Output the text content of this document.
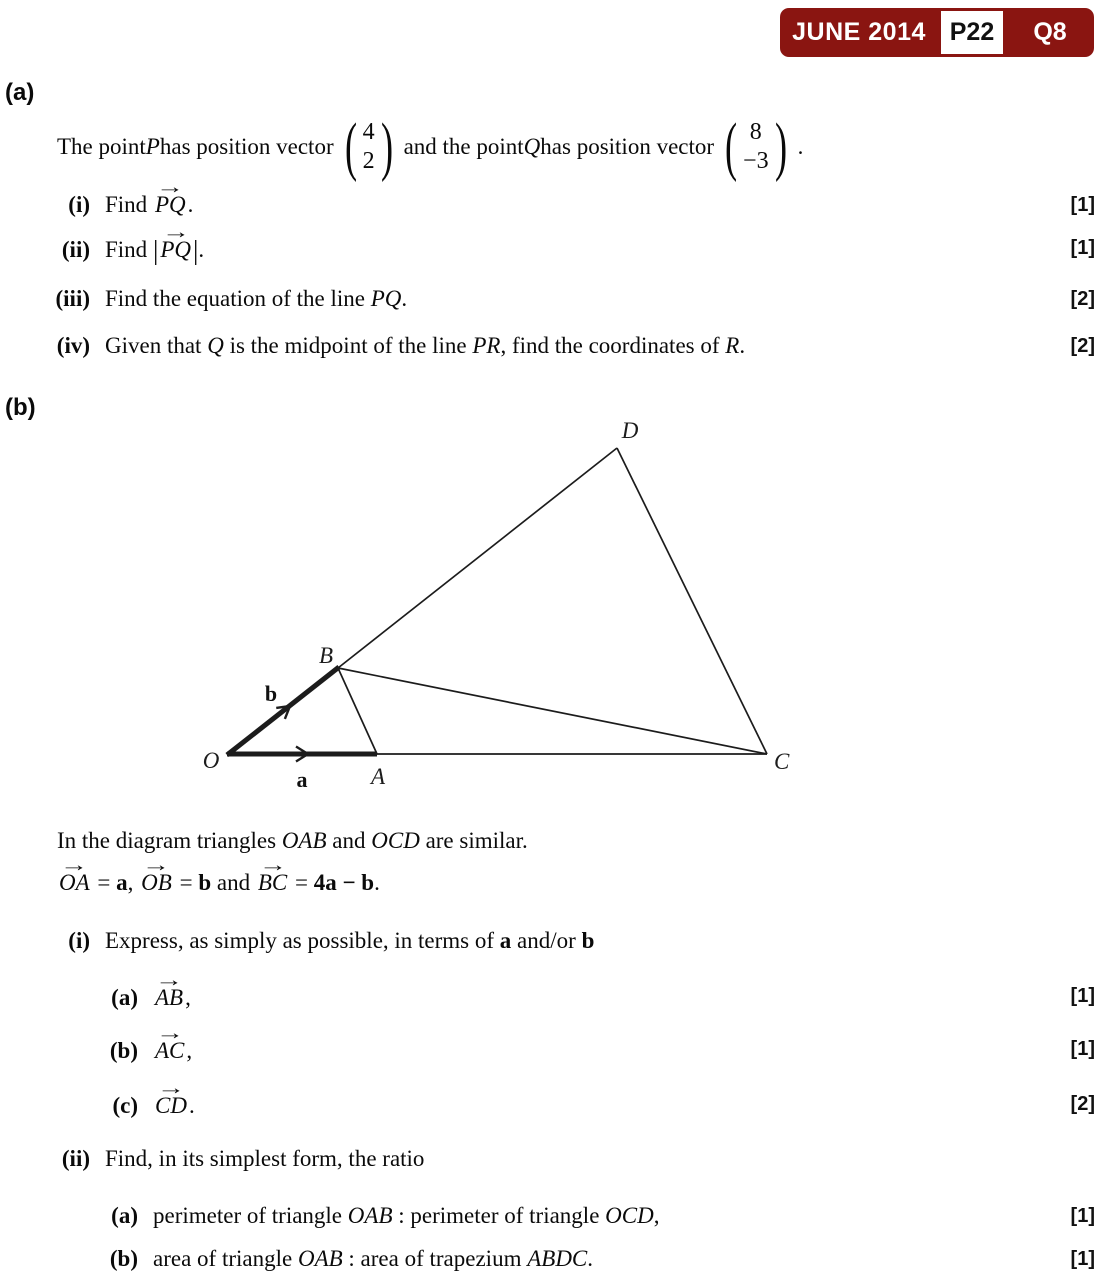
JUNE 2014 P22	Q8
(a)
The point P has position vector ( 4
2 ) and the point Q has position vector ( 8
−3 ) .
(i) Find → PQ.	[1]
(ii) Find |→ PQ|.	[1]
(iii) Find the equation of the line PQ.	[2]
(iv) Given that Q is the midpoint of the line PR, find the coordinates of R.	[2]
(b)
O
A
B
C
D
a
b
In the diagram triangles OAB and OCD are similar.
→ OA = a, → OB = b and → BC = 4a − b.
(i) Express, as simply as possible, in terms of a and/or b
(a) → AB,	[1]
(b) → AC,	[1]
(c) → CD.	[2]
(ii) Find, in its simplest form, the ratio
(a) perimeter of triangle OAB : perimeter of triangle OCD,	[1]
(b) area of triangle OAB : area of trapezium ABDC.	[1]
